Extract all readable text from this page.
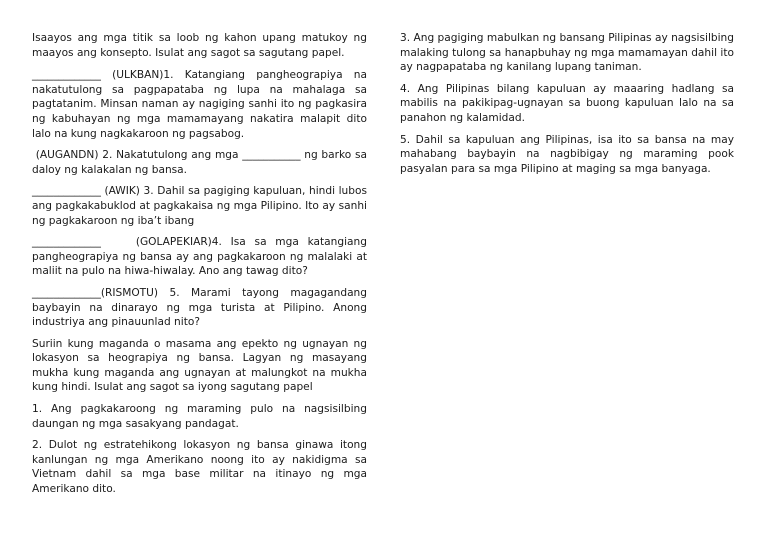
Isaayos ang mga titik sa loob ng kahon upang matukoy ng maayos ang konsepto. Isulat ang sagot sa sagutang papel.

_____________ (ULKBAN)1. Katangiang pangheograpiya na nakatutulong sa pagpapataba ng lupa na mahalaga sa pagtatanim. Minsan naman ay nagiging sanhi ito ng pagkasira ng kabuhayan ng mga mamamayang nakatira malapit dito lalo na kung nagkakaroon ng pagsabog.

(AUGANDN) 2. Nakatutulong ang mga ___________ ng barko sa daloy ng kalakalan ng bansa.

_____________ (AWIK) 3. Dahil sa pagiging kapuluan, hindi lubos ang pagkakabuklod at pagkakaisa ng mga Pilipino. Ito ay sanhi ng pagkakaroon ng iba’t ibang

_____________    (GOLAPEKIAR)4. Isa sa mga katangiang pangheograpiya ng bansa ay ang pagkakaroon ng malalaki at maliit na pulo na hiwa-hiwalay. Ano ang tawag dito?

_____________(RISMOTU) 5. Marami tayong magagandang baybayin na dinarayo ng mga turista at Pilipino. Anong industriya ang pinauunlad nito?

Suriin kung maganda o masama ang epekto ng ugnayan ng lokasyon sa heograpiya ng bansa. Lagyan ng masayang mukha kung maganda ang ugnayan at malungkot na mukha kung hindi. Isulat ang sagot sa iyong sagutang papel

1. Ang pagkakaroong ng maraming pulo na nagsisilbing daungan ng mga sasakyang pandagat.

2. Dulot ng estratehikong lokasyon ng bansa ginawa itong kanlungan ng mga Amerikano noong ito ay nakidigma sa Vietnam dahil sa mga base militar na itinayo ng mga Amerikano dito.

3. Ang pagiging mabulkan ng bansang Pilipinas ay nagsisilbing malaking tulong sa hanapbuhay ng mga mamamayan dahil ito ay nagpapataba ng kanilang lupang taniman.

4. Ang Pilipinas bilang kapuluan ay maaaring hadlang sa mabilis na pakikipag-ugnayan sa buong kapuluan lalo na sa panahon ng kalamidad.

5. Dahil sa kapuluan ang Pilipinas, isa ito sa bansa na may mahabang baybayin na nagbibigay ng maraming pook pasyalan para sa mga Pilipino at maging sa mga banyaga.
